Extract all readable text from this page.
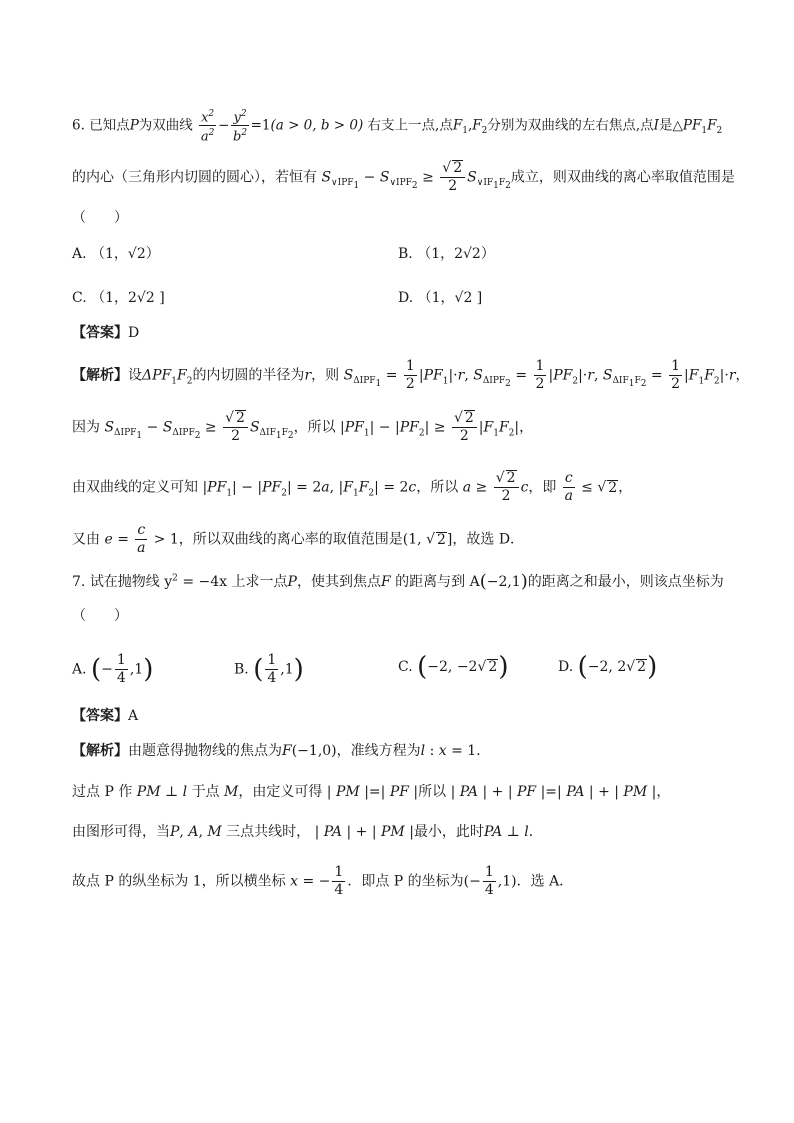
6. 已知点P为双曲线 $\frac{x^2}{a^2} - \frac{y^2}{b^2} =1(a > 0$, b > 0) 右支上一点,点$F_1,F_2$分别为双曲线的左右焦点,点I是$\triangle PF_1F_2$
的内心（三角形内切圆的圆心），若恒有 $S_{\vee IPF_1} - S_{\vee IPF_2} \ge \frac{√ 2}{2} S_{\vee IF_1F_2}$成立，则双曲线的离心率取值范围是
（　　）
A. （1，√2）	B. （1，2√2）
C. （1，2√2 ]	D. （1，√2 ]
【答案】D
【解析】设$\Delta PF_1F_2$的内切圆的半径为r，则 $S_{\Delta IPF_1} = \frac{1}{2} |PF_1|\cdot r$, $S_{\Delta IPF_2} = \frac{1}{2} |PF_2|\cdot r$, $S_{\Delta IF_1F_2} = \frac{1}{2} |F_1F_2|\cdot r$，
因为 $S_{\Delta IPF_1} - S_{\Delta IPF_2} \ge \frac{√ 2}{2} S_{\Delta IF_1F_2}$，所以 $|PF_1| - |PF_2| \ge \frac{√ 2}{2} |F_1F_2|$，
由双曲线的定义可知 $|PF_1| - |PF_2| = 2a$, $|F_1F_2| = 2c$，所以 $a \ge \frac{√ 2}{2}$ c，即 $\frac{c}{a}$ ≤ √ 2，
又由 $e = \frac{c}{a} > 1$，所以双曲线的离心率的取值范围是(1, √ 2]，故选 D．
7. 试在抛物线 $y^2 = -4x$ 上求一点P，使其到焦点F 的距离与到 A(−2,1)的距离之和最小，则该点坐标为
（　　）
A. (− $\frac{1}{4} ,1$)	B. ( $\frac{1}{4} ,1$)	C. (−2, −2√ 2)	D. (−2, 2√ 2)
【答案】A
【解析】由题意得抛物线的焦点为F(−1,0)，准线方程为l : x = 1．
过点 P 作 PM ⊥ l 于点 M，由定义可得 | PM |=| PF |所以 | PA | + | PF |=| PA | + | PM |，
由图形可得，当P, A, M 三点共线时， | PA | + | PM |最小，此时PA ⊥ l．
故点 P 的纵坐标为 1，所以横坐标 x = − $\frac{1}{4}$ ．即点 P 的坐标为(− $\frac{1}{4} ,1$)．选 A．
